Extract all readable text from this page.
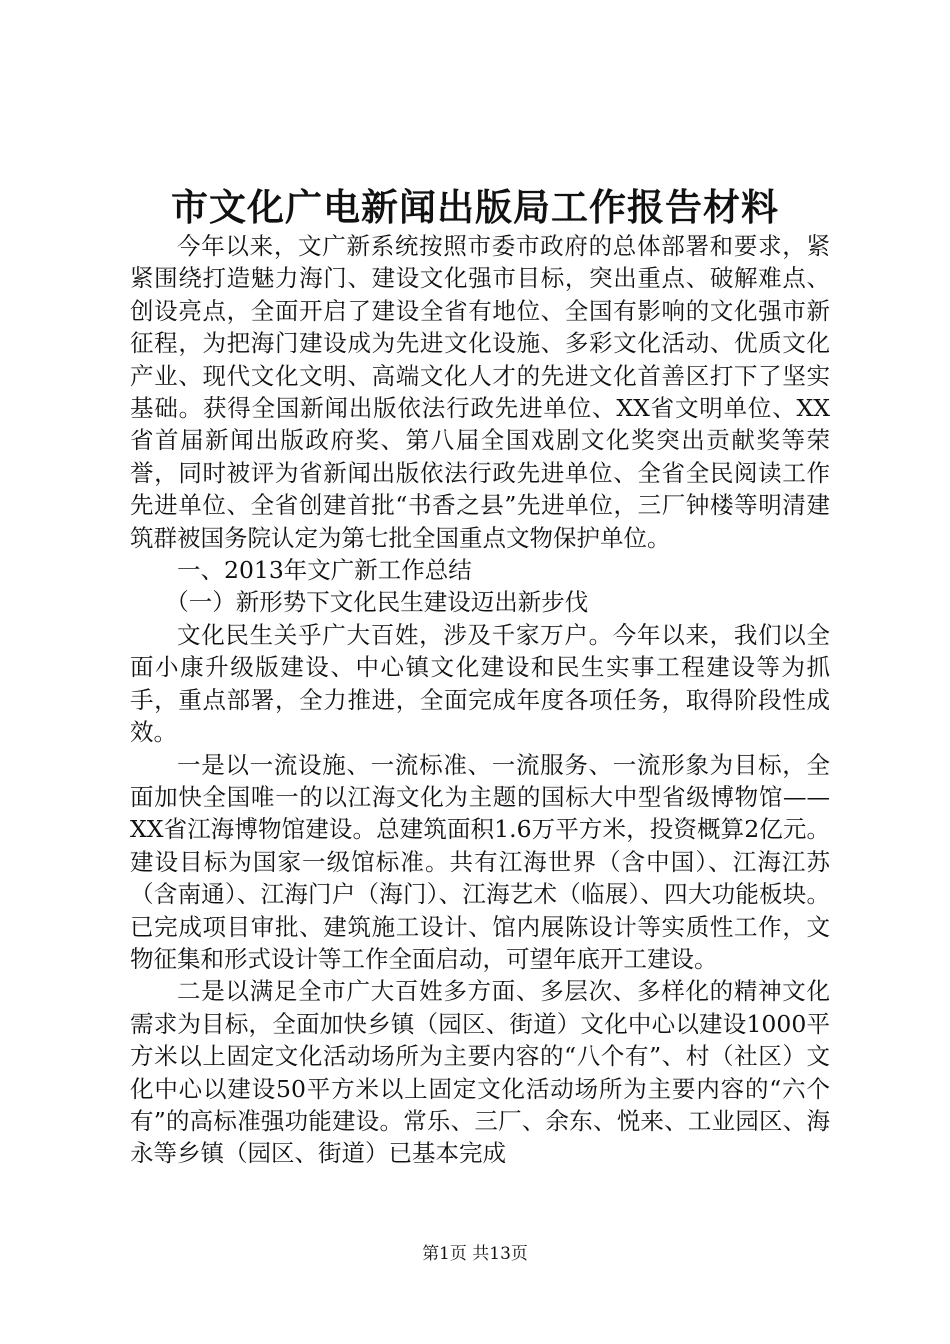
市文化广电新闻出版局工作报告材料

今年以来，文广新系统按照市委市政府的总体部署和要求，紧紧围绕打造魅力海门、建设文化强市目标，突出重点、破解难点、创设亮点，全面开启了建设全省有地位、全国有影响的文化强市新征程，为把海门建设成为先进文化设施、多彩文化活动、优质文化产业、现代文化文明、高端文化人才的先进文化首善区打下了坚实基础。获得全国新闻出版依法行政先进单位、XX省文明单位、XX省首届新闻出版政府奖、第八届全国戏剧文化奖突出贡献奖等荣誉，同时被评为省新闻出版依法行政先进单位、全省全民阅读工作先进单位、全省创建首批“书香之县”先进单位，三厂钟楼等明清建筑群被国务院认定为第七批全国重点文物保护单位。

一、2013年文广新工作总结

（一）新形势下文化民生建设迈出新步伐

文化民生关乎广大百姓，涉及千家万户。今年以来，我们以全面小康升级版建设、中心镇文化建设和民生实事工程建设等为抓手，重点部署，全力推进，全面完成年度各项任务，取得阶段性成效。

一是以一流设施、一流标准、一流服务、一流形象为目标，全面加快全国唯一的以江海文化为主题的国标大中型省级博物馆——XX省江海博物馆建设。总建筑面积1.6万平方米，投资概算2亿元。建设目标为国家一级馆标准。共有江海世界（含中国）、江海江苏（含南通）、江海门户（海门）、江海艺术（临展）、四大功能板块。已完成项目审批、建筑施工设计、馆内展陈设计等实质性工作，文物征集和形式设计等工作全面启动，可望年底开工建设。

二是以满足全市广大百姓多方面、多层次、多样化的精神文化需求为目标，全面加快乡镇（园区、街道）文化中心以建设1000平方米以上固定文化活动场所为主要内容的“八个有”、村（社区）文化中心以建设50平方米以上固定文化活动场所为主要内容的“六个有”的高标准强功能建设。常乐、三厂、余东、悦来、工业园区、海永等乡镇（园区、街道）已基本完成

第1页 共13页
